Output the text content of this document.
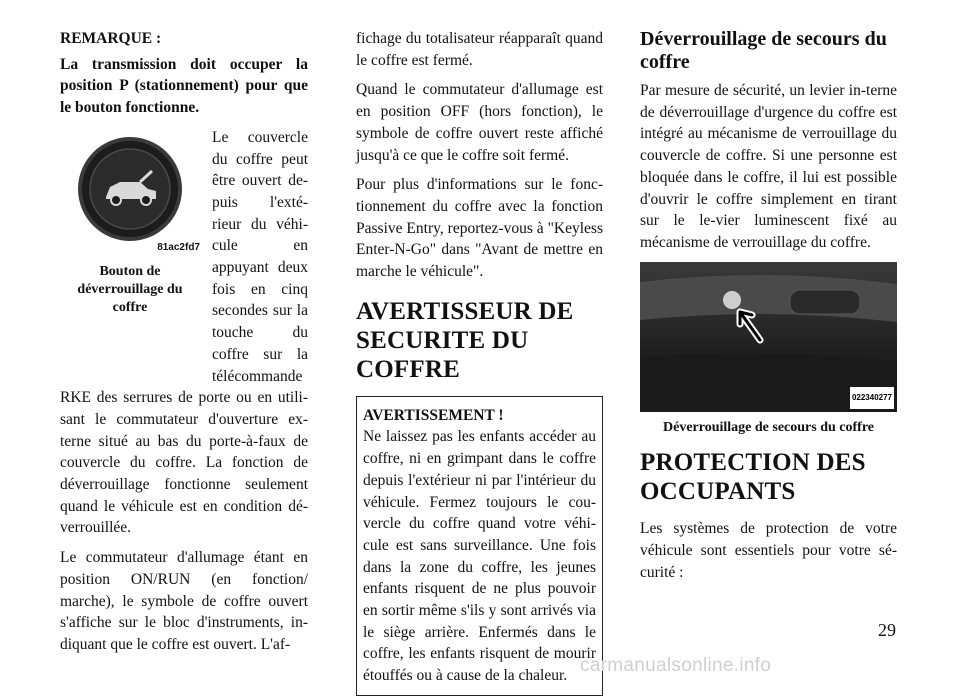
REMARQUE :

La transmission doit occuper la position P (stationnement) pour que le bouton fonctionne.

81ac2fd7
Bouton de déverrouillage du coffre
Le couvercle du coffre peut être ouvert de-puis l'exté-rieur du véhi-cule en appuyant deux fois en cinq secondes sur la touche du coffre sur la télécommande

RKE des serrures de porte ou en utili-sant le commutateur d'ouverture ex-terne situé au bas du porte-à-faux de couvercle du coffre. La fonction de déverrouillage fonctionne seulement quand le véhicule est en condition dé-verrouillée.

Le commutateur d'allumage étant en position ON/RUN (en fonction/ marche), le symbole de coffre ouvert s'affiche sur le bloc d'instruments, in-diquant que le coffre est ouvert. L'af-

fichage du totalisateur réapparaît quand le coffre est fermé.

Quand le commutateur d'allumage est en position OFF (hors fonction), le symbole de coffre ouvert reste affiché jusqu'à ce que le coffre soit fermé.

Pour plus d'informations sur le fonc-tionnement du coffre avec la fonction Passive Entry, reportez-vous à "Keyless Enter-N-Go" dans "Avant de mettre en marche le véhicule".

AVERTISSEUR DE SECURITE DU COFFRE
AVERTISSEMENT !
Ne laissez pas les enfants accéder au coffre, ni en grimpant dans le coffre depuis l'extérieur ni par l'intérieur du véhicule. Fermez toujours le cou-vercle du coffre quand votre véhi-cule est sans surveillance. Une fois dans la zone du coffre, les jeunes enfants risquent de ne plus pouvoir en sortir même s'ils y sont arrivés via le siège arrière. Enfermés dans le coffre, les enfants risquent de mourir étouffés ou à cause de la chaleur.
Déverrouillage de secours du coffre

Par mesure de sécurité, un levier in-terne de déverrouillage d'urgence du coffre est intégré au mécanisme de verrouillage du couvercle de coffre. Si une personne est bloquée dans le coffre, il lui est possible d'ouvrir le coffre simplement en tirant sur le le-vier luminescent fixé au mécanisme de verrouillage du coffre.

022340277
Déverrouillage de secours du coffre
PROTECTION DES OCCUPANTS

Les systèmes de protection de votre véhicule sont essentiels pour votre sé-curité :

29
carmanualsonline.info
